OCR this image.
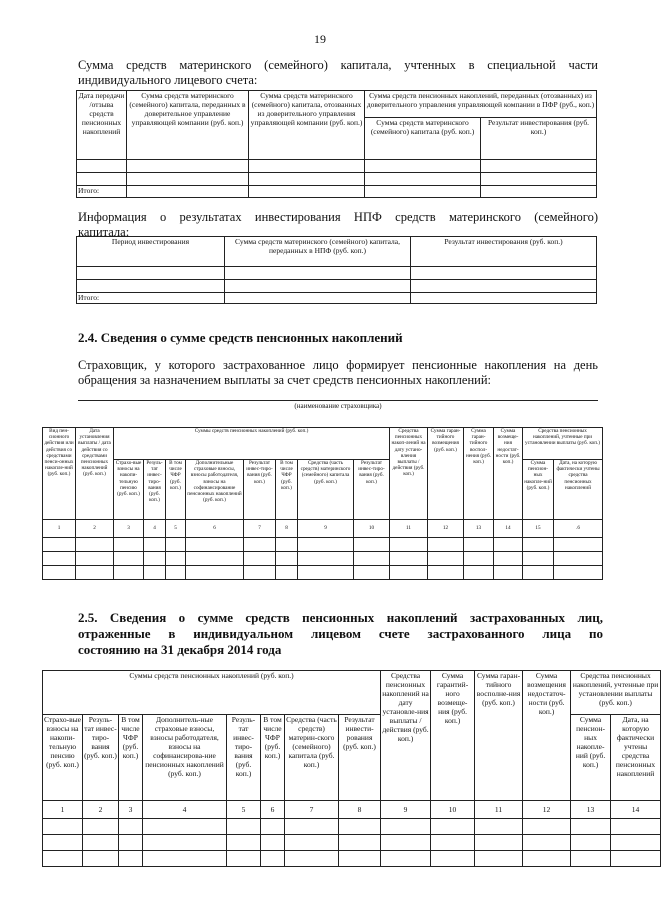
19

Сумма средств материнского (семейного) капитала, учтенных в специальной части
индивидуального лицевого счета:

Дата передачи /отзыва средств пенсионных накоплений	Сумма средств материнского (семейного) капитала, переданных в доверительное управление управляющей компании (руб. коп.)	Сумма средств материнского (семейного) капитала, отозванных из доверительного управления управляющей компании (руб. коп.)	Сумма средств пенсионных накоплений, переданных (отозванных) из доверительного управления управляющей компании в ПФР (руб., коп.)	
			Сумма средств материнского (семейного) капитала (руб. коп.)	Результат инвестирования (руб. коп.)

Итого:				

Информация о результатах инвестирования НПФ средств материнского (семейного)
капитала:

Период инвестирования	Сумма средств материнского (семейного) капитала, переданных в НПФ (руб. коп.)	Результат инвестирования (руб. коп.)

Итого:		
2.4. Сведения о сумме средств пенсионных накоплений

Страховщик, у которого застрахованное лицо формирует пенсионные накопления на день
обращения за назначением выплаты за счет средств пенсионных накоплений:

(наименование страховщика)
Вид пен-сионного действия или действия со средствами пенси-онных накопле-ний (руб. коп.)	Дата установления выплаты / дата действия со средствами пенсионных накоплений (руб. коп.)	Суммы средств пенсионных накоплений (руб. коп.)								Средства пенсионных накоп-лений на дату устано-вления выплаты / действия (руб. коп.)	Сумма гаран-тийного возмещения (руб. коп.)	Сумма гаран-тийного воспол-нения (руб. коп.)	Сумма возмеще-ния недостат-ности (руб. коп.)	Средства пенсионных накоплений, учтенные при установлении выплаты (руб. коп.)	
		Страхо-вые взносы на накопи-тельную пенсию (руб. коп.)	Резуль-тат инвес-тиро-вания (руб. коп.)	В том числе ЧФР (руб. коп.)	Дополнительные страховые взносы, взносы работодателя, взносы на софинансирование пенсионных накоплений (руб. коп.)	Результат инвес-тиро-вания (руб. коп.)	В том числе ЧФР (руб. коп.)	Средства (часть средств) материнского (семейного) капитала (руб. коп.)	Результат инвес-тиро-вания (руб. коп.)					Сумма пенсион-ных накопле-ний (руб. коп.)	Дата, на которую фактически учтены средства пенсионных накоплений
1	2	3	4	5	6	7	8	9	10	11	12	13	14	15	.6

2.5. Сведения о сумме средств пенсионных накоплений застрахованных лиц,
отраженные в индивидуальном лицевом счете застрахованного лица по
состоянию на 31 декабря 2014 года
Суммы средств пенсионных накоплений (руб. коп.)								Средства пенсионных накоплений на дату установле-ния выплаты / действия (руб. коп.)	Сумма гарантий-ного возмеще-ния (руб. коп.)	Сумма гаран-тийного восполне-ния (руб. коп.)	Сумма возмещения недостаточ-ности (руб. коп.)	Средства пенсионных накоплений, учтенные при установлении выплаты (руб. коп.)	
Страхо-вые взносы на накопи-тельную пенсию (руб. коп.)	Резуль-тат инвес-тиро-вания (руб. коп.)	В том числе ЧФР (руб. коп.)	Дополнитель-ные страховые взносы, взносы работодателя, взносы на софинансирова-ние пенсионных накоплений (руб. коп.)	Резуль-тат инвес-тиро-вания (руб. коп.)	В том числе ЧФР (руб. коп.)	Средства (часть средств) материн-ского (семейного) капитала (руб. коп.)	Результат инвести-рования (руб. коп.)					Сумма пенсион-ных накопле-ний (руб. коп.)	Дата, на которую фактически учтены средства пенсионных накоплений
1	2	3	4	5	6	7	8	9	10	11	12	13	14
